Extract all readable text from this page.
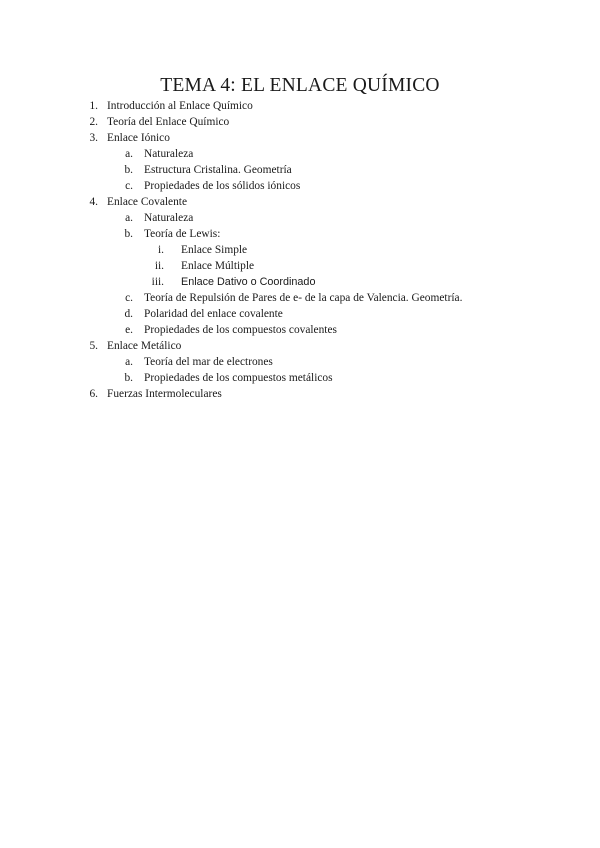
TEMA 4: EL ENLACE QUÍMICO
1. Introducción al Enlace Químico
2. Teoría del Enlace Químico
3. Enlace Iónico
a. Naturaleza
b. Estructura Cristalina. Geometría
c. Propiedades de los sólidos iónicos
4. Enlace Covalente
a. Naturaleza
b. Teoría de Lewis:
i. Enlace Simple
ii. Enlace Múltiple
iii. Enlace Dativo o Coordinado
c. Teoría de Repulsión de Pares de e- de la capa de Valencia. Geometría.
d. Polaridad del enlace covalente
e. Propiedades de los compuestos covalentes
5. Enlace Metálico
a. Teoría del mar de electrones
b. Propiedades de los compuestos metálicos
6. Fuerzas Intermoleculares
